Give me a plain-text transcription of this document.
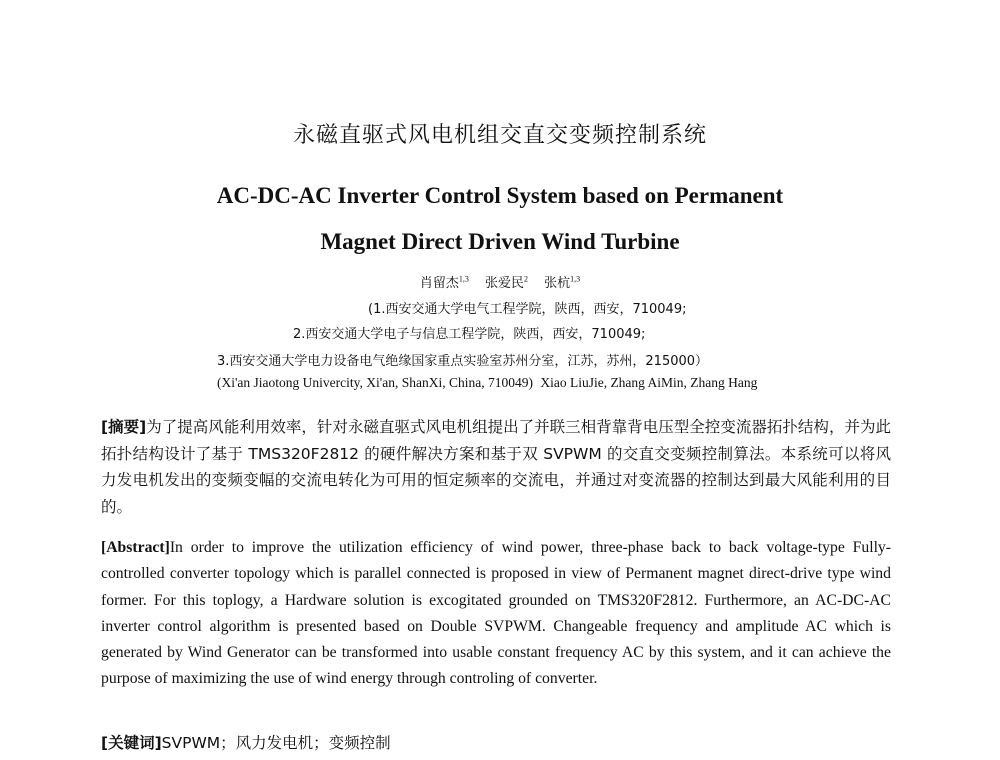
永磁直驱式风电机组交直交变频控制系统
AC-DC-AC Inverter Control System based on Permanent
Magnet Direct Driven Wind Turbine
肖留杰$^{1,3}$ 张爱民$^2$ 张杭$^{1,3}$
(1.西安交通大学电气工程学院，陕西，西安，710049;
2.西安交通大学电子与信息工程学院，陕西，西安，710049;
3.西安交通大学电力设备电气绝缘国家重点实验室苏州分室，江苏，苏州，215000）
(Xi'an Jiaotong Univercity, Xi'an, ShanXi, China, 710049) Xiao LiuJie, Zhang AiMin, Zhang Hang
[摘要]为了提高风能利用效率，针对永磁直驱式风电机组提出了并联三相背靠背电压型全控变流器拓扑结构，并为此拓扑结构设计了基于 TMS320F2812 的硬件解决方案和基于双 SVPWM 的交直交变频控制算法。本系统可以将风力发电机发出的变频变幅的交流电转化为可用的恒定频率的交流电，并通过对变流器的控制达到最大风能利用的目的。
[Abstract]In order to improve the utilization efficiency of wind power, three-phase back to back voltage-type Fully-controlled converter topology which is parallel connected is proposed in view of Permanent magnet direct-drive type wind former. For this toplogy, a Hardware solution is excogitated grounded on TMS320F2812. Furthermore, an AC-DC-AC inverter control algorithm is presented based on Double SVPWM. Changeable frequency and amplitude AC which is generated by Wind Generator can be transformed into usable constant frequency AC by this system, and it can achieve the purpose of maximizing the use of wind energy through controling of converter.
[关键词]SVPWM；风力发电机；变频控制
